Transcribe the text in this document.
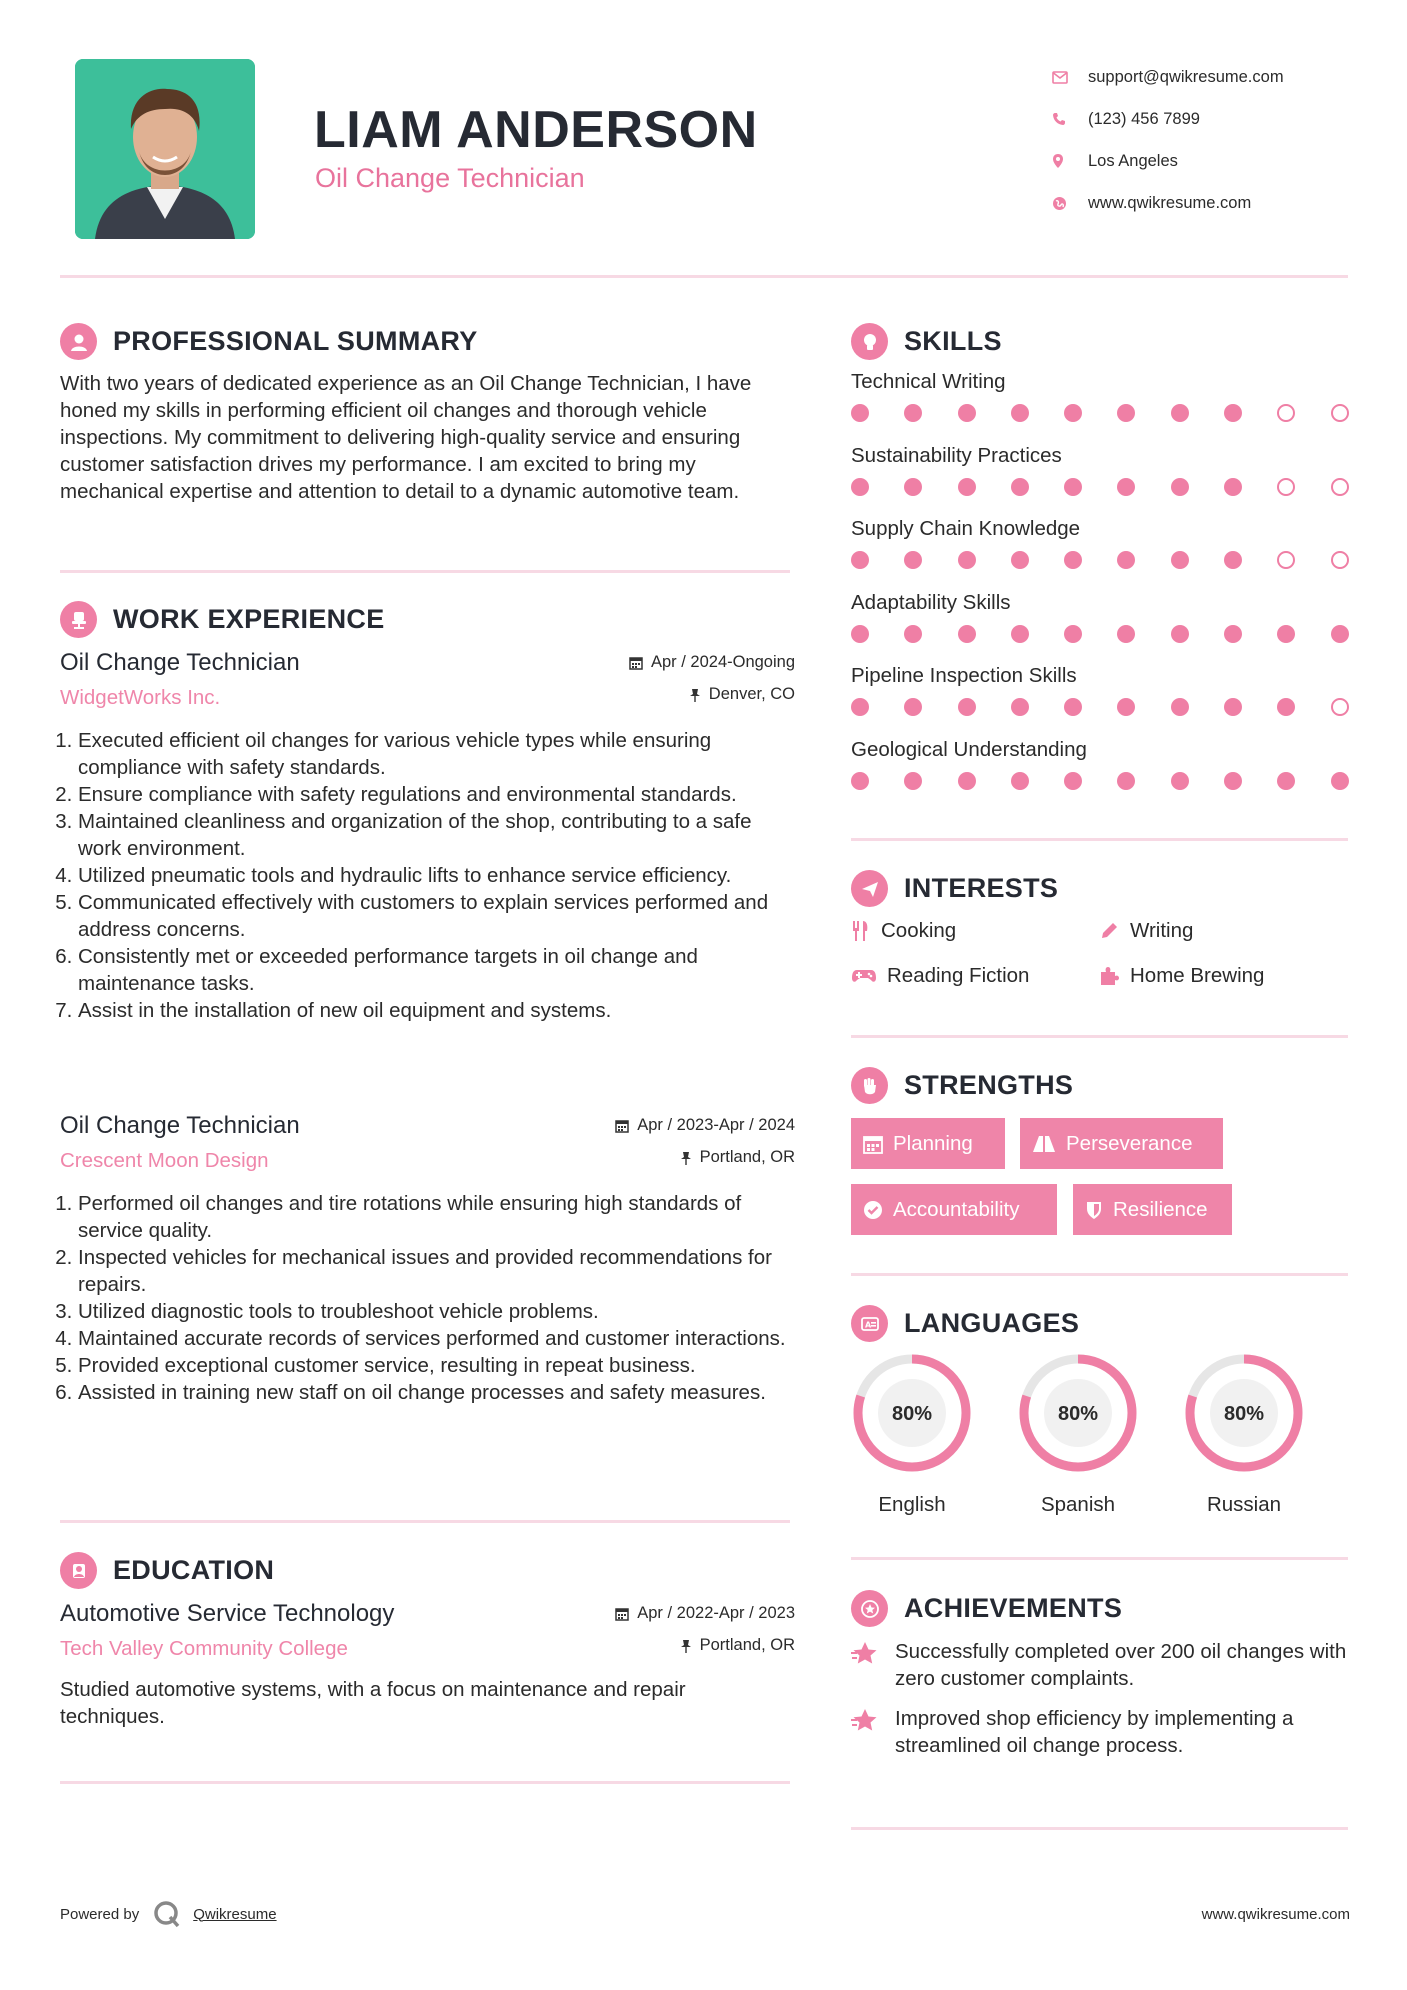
LIAM ANDERSON
Oil Change Technician
support@qwikresume.com
(123) 456 7899
Los Angeles
www.qwikresume.com
PROFESSIONAL SUMMARY
With two years of dedicated experience as an Oil Change Technician, I have honed my skills in performing efficient oil changes and thorough vehicle inspections. My commitment to delivering high-quality service and ensuring customer satisfaction drives my performance. I am excited to bring my mechanical expertise and attention to detail to a dynamic automotive team.
WORK EXPERIENCE
Oil Change Technician
WidgetWorks Inc.
Apr / 2024-Ongoing
Denver, CO
1. Executed efficient oil changes for various vehicle types while ensuring compliance with safety standards.
2. Ensure compliance with safety regulations and environmental standards.
3. Maintained cleanliness and organization of the shop, contributing to a safe work environment.
4. Utilized pneumatic tools and hydraulic lifts to enhance service efficiency.
5. Communicated effectively with customers to explain services performed and address concerns.
6. Consistently met or exceeded performance targets in oil change and maintenance tasks.
7. Assist in the installation of new oil equipment and systems.
Oil Change Technician
Crescent Moon Design
Apr / 2023-Apr / 2024
Portland, OR
1. Performed oil changes and tire rotations while ensuring high standards of service quality.
2. Inspected vehicles for mechanical issues and provided recommendations for repairs.
3. Utilized diagnostic tools to troubleshoot vehicle problems.
4. Maintained accurate records of services performed and customer interactions.
5. Provided exceptional customer service, resulting in repeat business.
6. Assisted in training new staff on oil change processes and safety measures.
EDUCATION
Automotive Service Technology
Tech Valley Community College
Apr / 2022-Apr / 2023
Portland, OR
Studied automotive systems, with a focus on maintenance and repair techniques.
SKILLS
Technical Writing
Sustainability Practices
Supply Chain Knowledge
Adaptability Skills
Pipeline Inspection Skills
Geological Understanding
INTERESTS
Cooking	Writing
Reading Fiction	Home Brewing
STRENGTHS
Planning	Perseverance
Accountability	Resilience
A LANGUAGES
80%
English
80%
Spanish
80%
Russian
ACHIEVEMENTS
Successfully completed over 200 oil changes with zero customer complaints.
Improved shop efficiency by implementing a streamlined oil change process.
Powered by	Qwikresume	www.qwikresume.com
